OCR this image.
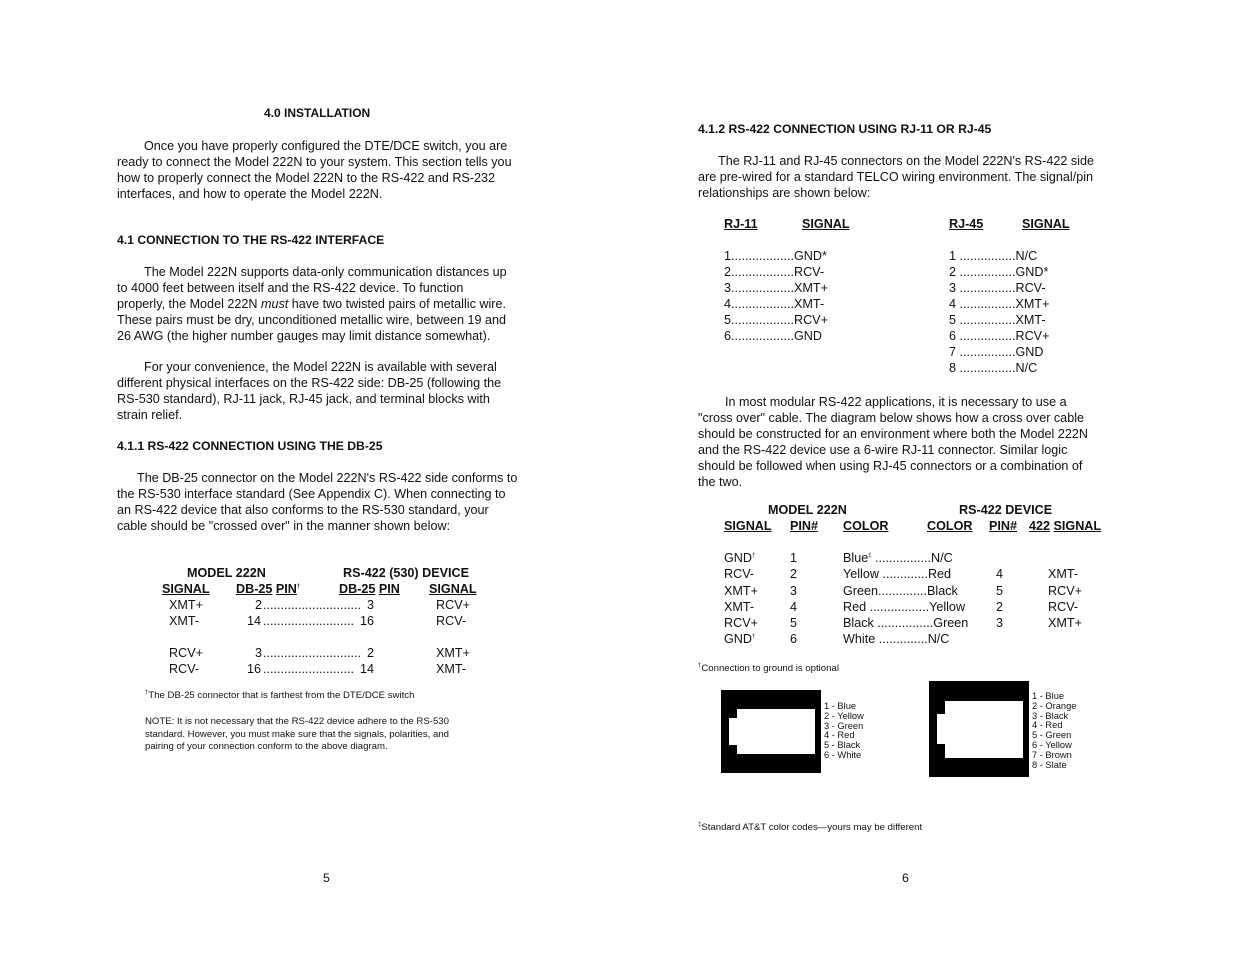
4.0 INSTALLATION
Once you have properly configured the DTE/DCE switch, you are
ready to connect the Model 222N to your system. This section tells you
how to properly connect the Model 222N to the RS-422 and RS-232
interfaces, and how to operate the Model 222N.
4.1 CONNECTION TO THE RS-422 INTERFACE
The Model 222N supports data-only communication distances up
to 4000 feet between itself and the RS-422 device. To function
properly, the Model 222N must have two twisted pairs of metallic wire.
These pairs must be dry, unconditioned metallic wire, between 19 and
26 AWG (the higher number gauges may limit distance somewhat).
For your convenience, the Model 222N is available with several
different physical interfaces on the RS-422 side: DB-25 (following the
RS-530 standard), RJ-11 jack, RJ-45 jack, and terminal blocks with
strain relief.
4.1.1 RS-422 CONNECTION USING THE DB-25
The DB-25 connector on the Model 222N's RS-422 side conforms to
the RS-530 interface standard (See Appendix C). When connecting to
an RS-422 device that also conforms to the RS-530 standard, your
cable should be "crossed over" in the manner shown below:
MODEL 222N	RS-422 (530) DEVICE
SIGNAL DB-25 PIN†	DB-25 PIN SIGNAL
XMT+	2 ............................ 3	RCV+
XMT-	14 .......................... 16	RCV-
RCV+	3 ............................ 2	XMT+
RCV-	16 .......................... 14	XMT-
†The DB-25 connector that is farthest from the DTE/DCE switch
NOTE: It is not necessary that the RS-422 device adhere to the RS-530
standard. However, you must make sure that the signals, polarities, and
pairing of your connection conform to the above diagram.
5
4.1.2 RS-422 CONNECTION USING RJ-11 OR RJ-45
The RJ-11 and RJ-45 connectors on the Model 222N's RS-422 side
are pre-wired for a standard TELCO wiring environment. The signal/pin
relationships are shown below:
RJ-11	SIGNAL
1..................GND*
2..................RCV-
3..................XMT+
4..................XMT-
5..................RCV+
6..................GND
RJ-45	SIGNAL
1 ................N/C
2 ................GND*
3 ................RCV-
4 ................XMT+
5 ................XMT-
6 ................RCV+
7 ................GND
8 ................N/C
In most modular RS-422 applications, it is necessary to use a
"cross over" cable. The diagram below shows how a cross over cable
should be constructed for an environment where both the Model 222N
and the RS-422 device use a 6-wire RJ-11 connector. Similar logic
should be followed when using RJ-45 connectors or a combination of
the two.
MODEL 222N	RS-422 DEVICE
SIGNAL PIN# COLOR	COLOR PIN# 422 SIGNAL
GND†	1	Blue‡ ................N/C
RCV-	2	Yellow .............Red	4	XMT-
XMT+	3	Green..............Black	5	RCV+
XMT-	4	Red .................Yellow 2	RCV-
RCV+	5	Black ................Green 3	XMT+
GND†	6	White ..............N/C
†Connection to ground is optional
1 - Blue
2 - Yellow
3 - Green
4 - Red
5 - Black
6 - White
1 - Blue
2 - Orange
3 - Black
4 - Red
5 - Green
6 - Yellow
7 - Brown
8 - Slate
‡Standard AT&T color codes—yours may be different
6
